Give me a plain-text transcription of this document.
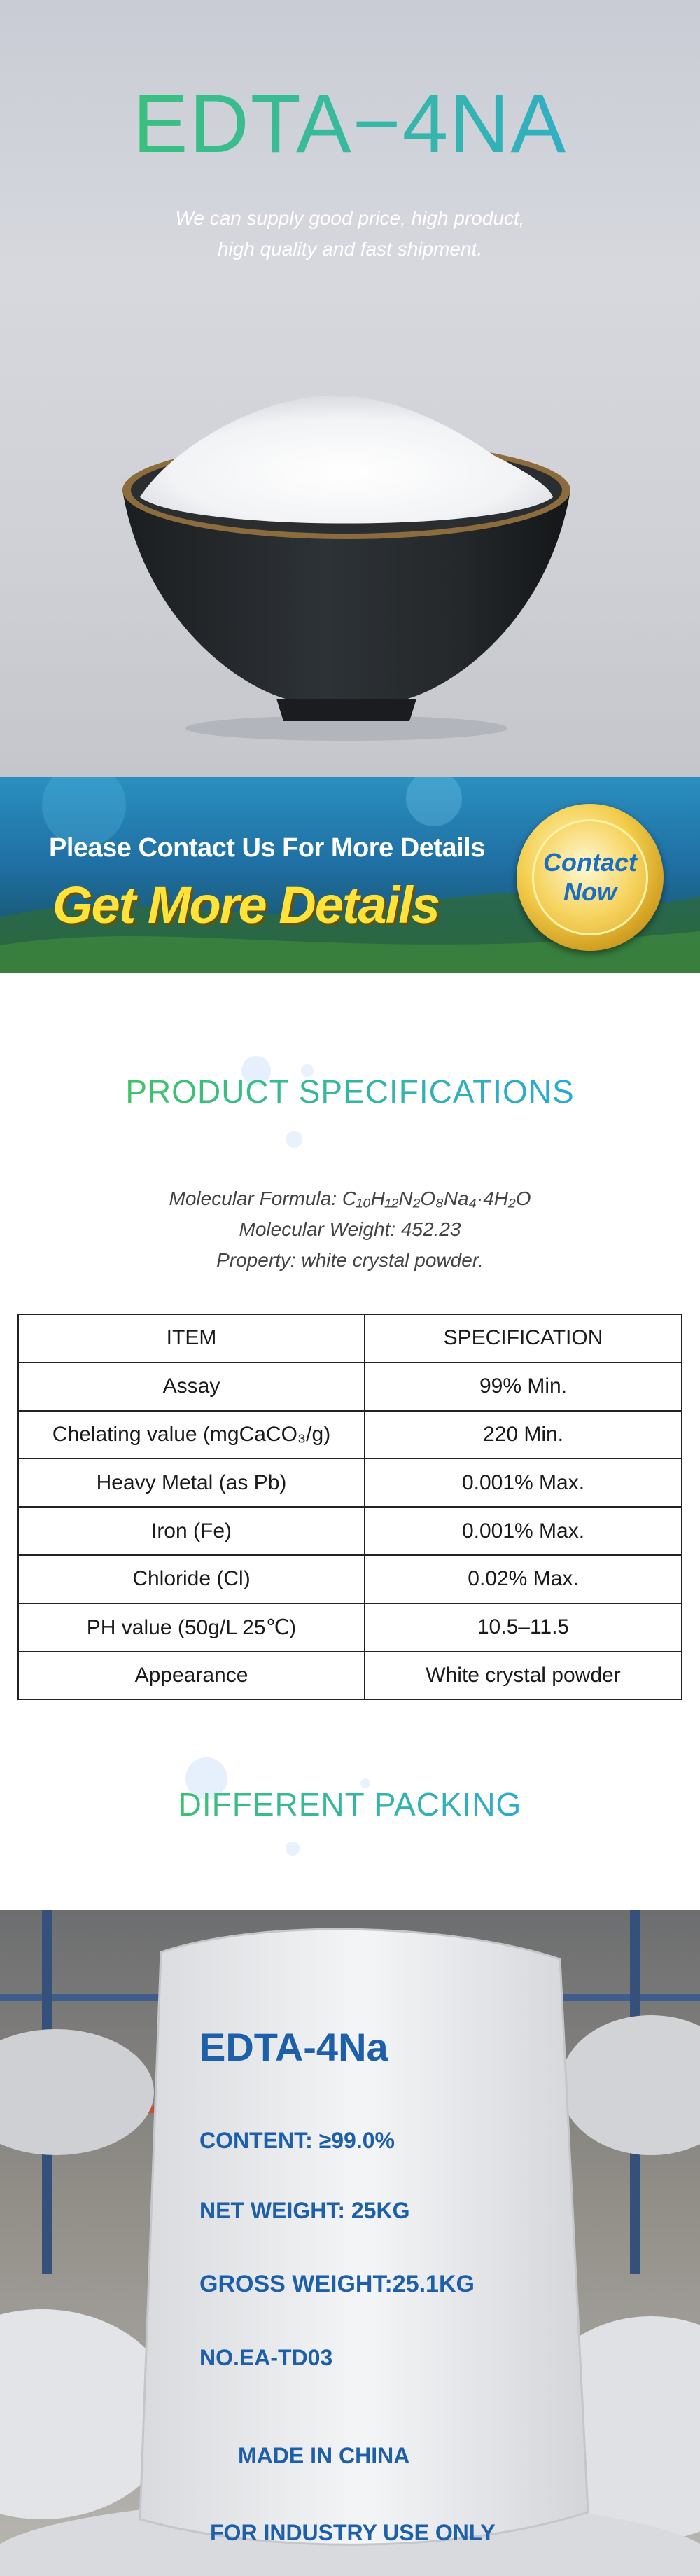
EDTA−4NA

We can supply good price, high product,
high quality and fast shipment.

Please Contact Us For More Details
Get More Details
Contact
Now
PRODUCT SPECIFICATIONS
Molecular Formula: C₁₀H₁₂N₂O₈Na₄·4H₂O
Molecular Weight: 452.23
Property: white crystal powder.
ITEM	SPECIFICATION
Assay	99% Min.
Chelating value (mgCaCO₃/g)	220 Min.
Heavy Metal (as Pb)	0.001% Max.
Iron (Fe)	0.001% Max.
Chloride (Cl)	0.02% Max.
PH value (50g/L 25℃)	10.5–11.5
Appearance	White crystal powder
DIFFERENT PACKING
EDTA-4Na
CONTENT: ≥99.0%
NET WEIGHT: 25KG
GROSS WEIGHT:25.1KG
NO.EA-TD03
MADE IN CHINA
FOR INDUSTRY USE ONLY
